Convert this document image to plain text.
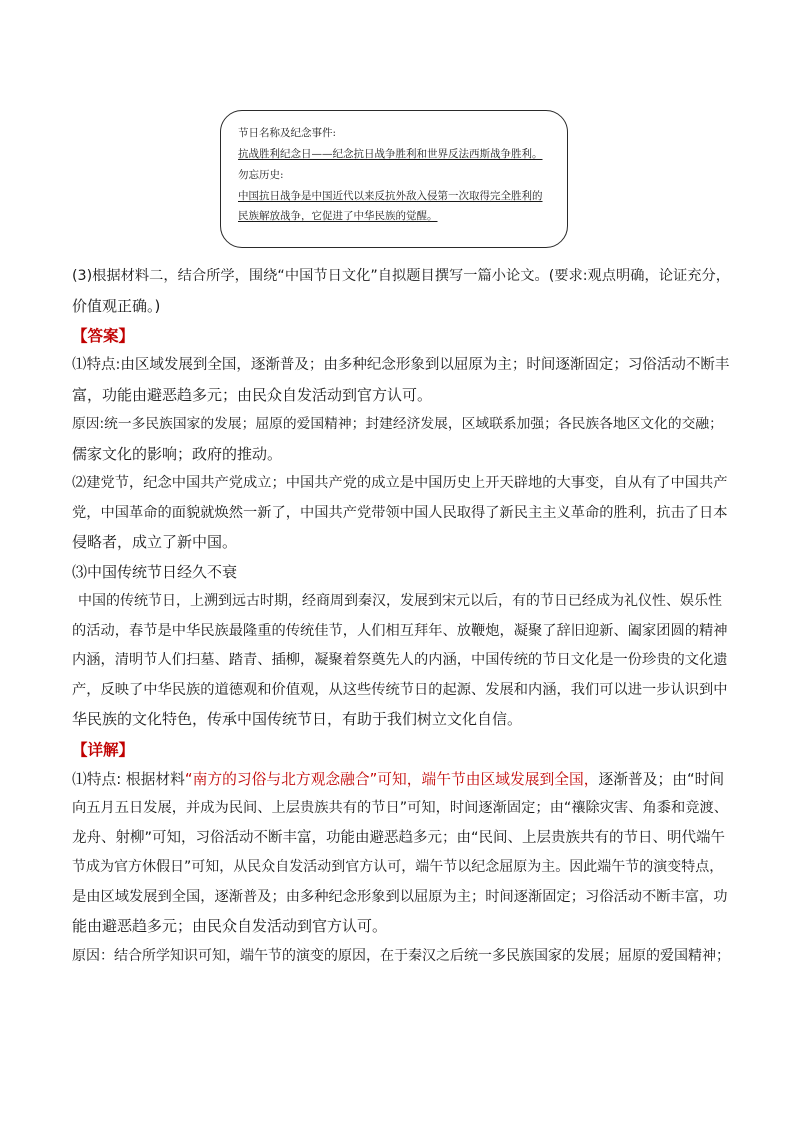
节日名称及纪念事件:
抗战胜利纪念日——纪念抗日战争胜利和世界反法西斯战争胜利。
勿忘历史:
中国抗日战争是中国近代以来反抗外敌入侵第一次取得完全胜利的
民族解放战争，它促进了中华民族的觉醒。

(3)根据材料二，结合所学，围绕“中国节日文化”自拟题目撰写一篇小论文。(要求:观点明确，论证充分，

价值观正确。)

【答案】

⑴特点:由区域发展到全国，逐渐普及；由多种纪念形象到以屈原为主；时间逐渐固定；习俗活动不断丰

富，功能由避恶趋多元；由民众自发活动到官方认可。

原因:统一多民族国家的发展；屈原的爱国精神；封建经济发展，区域联系加强；各民族各地区文化的交融；

儒家文化的影响；政府的推动。

⑵建党节，纪念中国共产党成立；中国共产党的成立是中国历史上开天辟地的大事变，自从有了中国共产

党，中国革命的面貌就焕然一新了，中国共产党带领中国人民取得了新民主主义革命的胜利，抗击了日本

侵略者，成立了新中国。

⑶中国传统节日经久不衰

中国的传统节日，上溯到远古时期，经商周到秦汉，发展到宋元以后，有的节日已经成为礼仪性、娱乐性

的活动，春节是中华民族最隆重的传统佳节，人们相互拜年、放鞭炮，凝聚了辞旧迎新、阖家团圆的精神

内涵，清明节人们扫墓、踏青、插柳，凝聚着祭奠先人的内涵，中国传统的节日文化是一份珍贵的文化遗

产，反映了中华民族的道德观和价值观，从这些传统节日的起源、发展和内涵，我们可以进一步认识到中

华民族的文化特色，传承中国传统节日，有助于我们树立文化自信。

【详解】

⑴特点: 根据材料“南方的习俗与北方观念融合”可知，端午节由区域发展到全国，逐渐普及；由“时间

向五月五日发展，并成为民间、上层贵族共有的节日”可知，时间逐渐固定；由“禳除灾害、角黍和竞渡、

龙舟、射柳”可知，习俗活动不断丰富，功能由避恶趋多元；由“民间、上层贵族共有的节日、明代端午

节成为官方休假日”可知，从民众自发活动到官方认可，端午节以纪念屈原为主。因此端午节的演变特点，

是由区域发展到全国，逐渐普及；由多种纪念形象到以屈原为主；时间逐渐固定；习俗活动不断丰富，功

能由避恶趋多元；由民众自发活动到官方认可。

原因：结合所学知识可知，端午节的演变的原因，在于秦汉之后统一多民族国家的发展；屈原的爱国精神；
